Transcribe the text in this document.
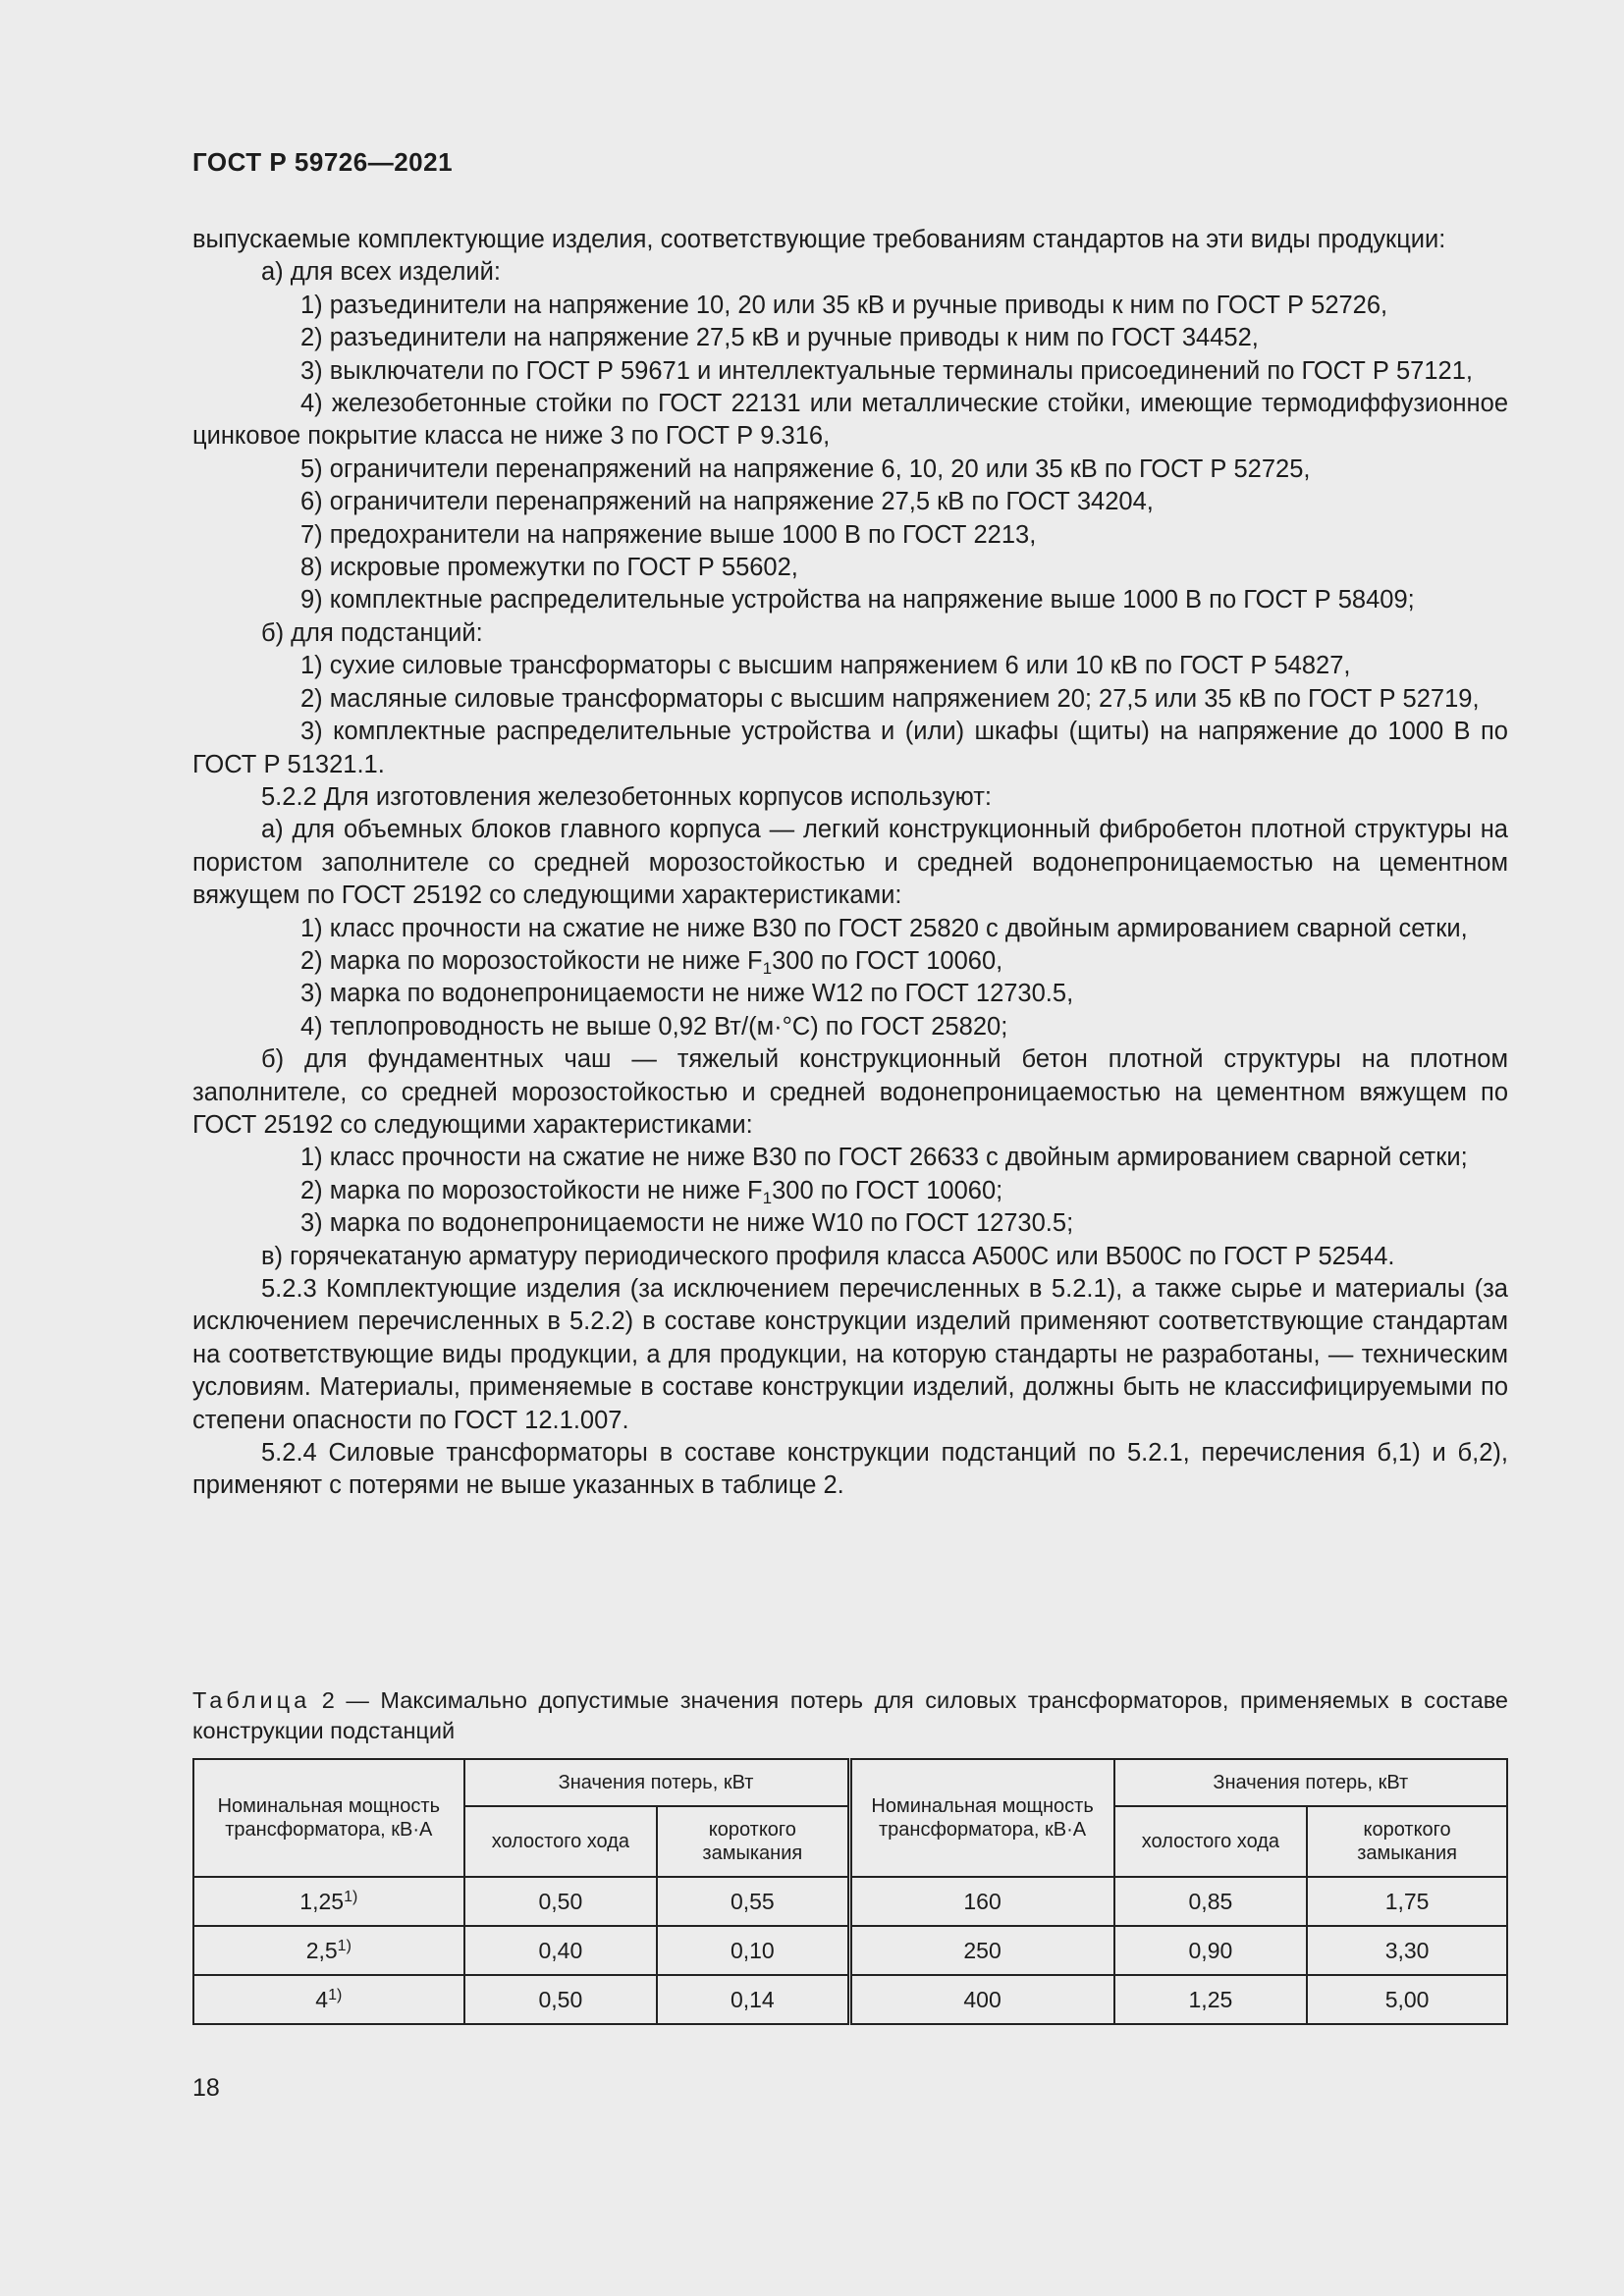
ГОСТ Р 59726—2021

выпускаемые комплектующие изделия, соответствующие требованиям стандартов на эти виды продукции:

а) для всех изделий:

1) разъединители на напряжение 10, 20 или 35 кВ и ручные приводы к ним по ГОСТ Р 52726,

2) разъединители на напряжение 27,5 кВ и ручные приводы к ним по ГОСТ 34452,

3) выключатели по ГОСТ Р 59671 и интеллектуальные терминалы присоединений по ГОСТ Р 57121,

4) железобетонные стойки по ГОСТ 22131 или металлические стойки, имеющие термодиффузионное цинковое покрытие класса не ниже 3 по ГОСТ Р 9.316,

5) ограничители перенапряжений на напряжение 6, 10, 20 или 35 кВ по ГОСТ Р 52725,

6) ограничители перенапряжений на напряжение 27,5 кВ по ГОСТ 34204,

7) предохранители на напряжение выше 1000 В по ГОСТ 2213,

8) искровые промежутки по ГОСТ Р 55602,

9) комплектные распределительные устройства на напряжение выше 1000 В по ГОСТ Р 58409;

б) для подстанций:

1) сухие силовые трансформаторы с высшим напряжением 6 или 10 кВ по ГОСТ Р 54827,

2) масляные силовые трансформаторы с высшим напряжением 20; 27,5 или 35 кВ по ГОСТ Р 52719,

3) комплектные распределительные устройства и (или) шкафы (щиты) на напряжение до 1000 В по ГОСТ Р 51321.1.

5.2.2 Для изготовления железобетонных корпусов используют:

а) для объемных блоков главного корпуса — легкий конструкционный фибробетон плотной структуры на пористом заполнителе со средней морозостойкостью и средней водонепроницаемостью на цементном вяжущем по ГОСТ 25192 со следующими характеристиками:

1) класс прочности на сжатие не ниже В30 по ГОСТ 25820 с двойным армированием сварной сетки,

2) марка по морозостойкости не ниже $F_1300$ по ГОСТ 10060,

3) марка по водонепроницаемости не ниже W12 по ГОСТ 12730.5,

4) теплопроводность не выше 0,92 Вт/(м·°С) по ГОСТ 25820;

б) для фундаментных чаш — тяжелый конструкционный бетон плотной структуры на плотном заполнителе, со средней морозостойкостью и средней водонепроницаемостью на цементном вяжущем по ГОСТ 25192 со следующими характеристиками:

1) класс прочности на сжатие не ниже В30 по ГОСТ 26633 с двойным армированием сварной сетки;

2) марка по морозостойкости не ниже $F_1300$ по ГОСТ 10060;

3) марка по водонепроницаемости не ниже W10 по ГОСТ 12730.5;

в) горячекатаную арматуру периодического профиля класса А500С или В500С по ГОСТ Р 52544.

5.2.3 Комплектующие изделия (за исключением перечисленных в 5.2.1), а также сырье и материалы (за исключением перечисленных в 5.2.2) в составе конструкции изделий применяют соответствующие стандартам на соответствующие виды продукции, а для продукции, на которую стандарты не разработаны, — техническим условиям. Материалы, применяемые в составе конструкции изделий, должны быть не классифицируемыми по степени опасности по ГОСТ 12.1.007.

5.2.4 Силовые трансформаторы в составе конструкции подстанций по 5.2.1, перечисления б,1) и б,2), применяют с потерями не выше указанных в таблице 2.

Таблица 2 — Максимально допустимые значения потерь для силовых трансформаторов, применяемых в составе конструкции подстанций
Номинальная мощность трансформатора, кВ·А	Значения потерь, кВт		Номинальная мощность трансформатора, кВ·А	Значения потерь, кВт	
	холостого хода	короткого замыкания		холостого хода	короткого замыкания
1,25$^{1)}$	0,50	0,55	160	0,85	1,75
2,5$^{1)}$	0,40	0,10	250	0,90	3,30
4$^{1)}$	0,50	0,14	400	1,25	5,00
18
